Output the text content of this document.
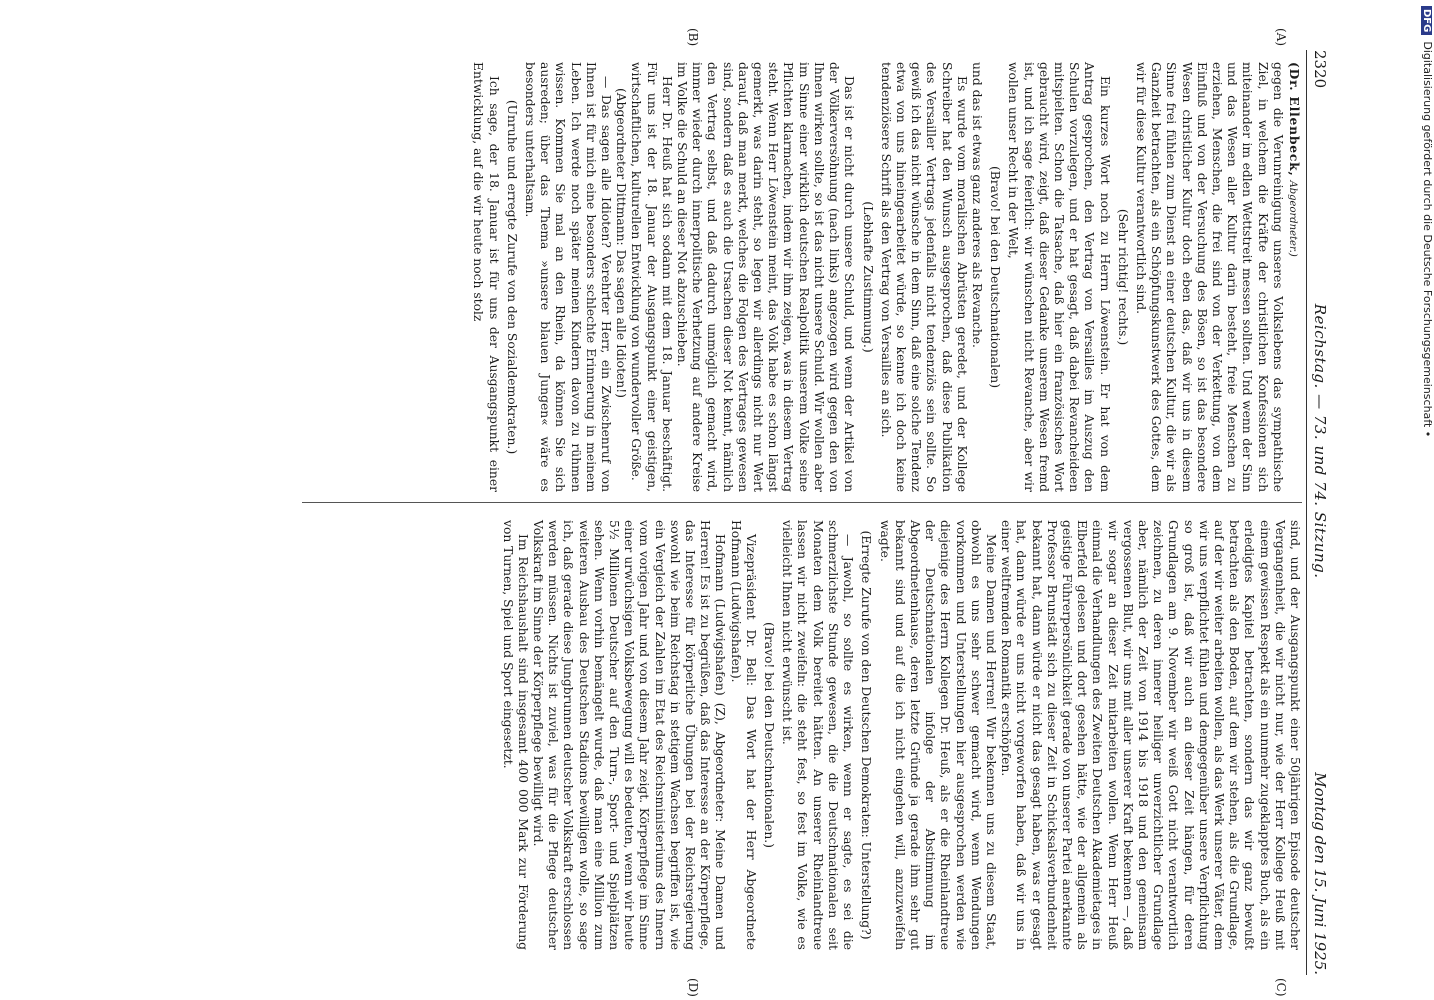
2320
Reichstag. — 73. und 74. Sitzung.
Montag den 15. Juni 1925.
(A)
(B)
(C)
(D)

(Dr. Ellenbeck, Abgeordneter.)

gegen die Verunreinigung unseres Volkslebens das sympathische Ziel, in welchem die Kräfte der christlichen Konfessionen sich miteinander im edlen Wettstreit messen sollten. Und wenn der Sinn und das Wesen aller Kultur darin besteht, freie Menschen zu erziehen, Menschen, die frei sind von der Verkettung, von dem Einfluß und von der Versuchung des Bösen, so ist das besondere Wesen christlicher Kultur doch eben das, daß wir uns in diesem Sinne frei fühlen zum Dienst an einer deutschen Kultur, die wir als Ganzheit betrachten, als ein Schöpfungskunstwerk des Gottes, dem wir für diese Kultur verantwortlich sind.

(Sehr richtig! rechts.)

Ein kurzes Wort noch zu Herrn Löwenstein. Er hat von dem Antrag gesprochen, den Vertrag von Versailles im Auszug den Schulen vorzulegen, und er hat gesagt, daß dabei Revancheideen mitspielten. Schon die Tatsache, daß hier ein französisches Wort gebraucht wird, zeigt, daß dieser Gedanke unserem Wesen fremd ist, und ich sage feierlich: wir wünschen nicht Revanche, aber wir wollen unser Recht in der Welt,

(Bravo! bei den Deutschnationalen)

und das ist etwas ganz anderes als Revanche.

Es wurde vom moralischen Abrüsten geredet, und der Kollege Schreiber hat den Wunsch ausgesprochen, daß diese Publikation des Versailler Vertrags jedenfalls nicht tendenziös sein sollte. So gewiß ich das nicht wünsche in dem Sinn, daß eine solche Tendenz etwa von uns hineingearbeitet würde, so kenne ich doch keine tendenziösere Schrift als den Vertrag von Versailles an sich.

(Lebhafte Zustimmung.)

Das ist er nicht durch unsere Schuld, und wenn der Artikel von der Völkerversöhnung (nach links) angezogen wird gegen den von Ihnen wirken sollte, so ist das nicht unsere Schuld. Wir wollen aber im Sinne einer wirklich deutschen Realpolitik unserem Volke seine Pflichten klarmachen, indem wir ihm zeigen, was in diesem Vertrag steht. Wenn Herr Löwenstein meint, das Volk habe es schon längst gemerkt, was darin steht, so legen wir allerdings nicht nur Wert darauf, daß man merkt, welches die Folgen des Vertrages gewesen sind, sondern daß es auch die Ursachen dieser Not kennt, nämlich den Vertrag selbst, und daß dadurch unmöglich gemacht wird, immer wieder durch innerpolitische Verhetzung auf andere Kreise im Volke die Schuld an dieser Not abzuschieben.

Herr Dr. Heuß hat sich sodann mit dem 18. Januar beschäftigt. Für uns ist der 18. Januar der Ausgangspunkt einer geistigen, wirtschaftlichen, kulturellen Entwicklung von wundervoller Größe.

(Abgeordneter Dittmann: Das sagen alle Idioten!)

— Das sagen alle Idioten? Verehrter Herr, ein Zwischenruf von Ihnen ist für mich eine besonders schlechte Erinnerung in meinem Leben. Ich werde noch später meinen Kindern davon zu rühmen wissen. Kommen Sie mal an den Rhein, da können Sie sich ausreden; über das Thema »unsere blauen Jungen« wäre es besonders unterhaltsam.

(Unruhe und erregte Zurufe von den Sozialdemokraten.)

Ich sage, der 18. Januar ist für uns der Ausgangspunkt einer Entwicklung, auf die wir heute noch stolz

sind, und der Ausgangspunkt einer 50jährigen Episode deutscher Vergangenheit, die wir nicht nur, wie der Herr Kollege Heuß mit einem gewissen Respekt als ein nunmehr zugeklapptes Buch, als ein erledigtes Kapitel betrachten, sondern das wir ganz bewußt betrachten als den Boden, auf dem wir stehen, als die Grundlage, auf der wir weiter arbeiten wollen, als das Werk unserer Väter, dem wir uns verpflichtet fühlen und demgegenüber unsere Verpflichtung so groß ist, daß wir auch an dieser Zeit hängen, für deren Grundlagen am 9. November wir weiß Gott nicht verantwortlich zeichnen, zu deren innerer heiliger unverzichtlicher Grundlage aber, nämlich der Zeit von 1914 bis 1918 und den gemeinsam vergossenen Blut, wir uns mit aller unserer Kraft bekennen —, daß wir sogar an dieser Zeit mitarbeiten wollen. Wenn Herr Heuß einmal die Verhandlungen des Zweiten Deutschen Akademietages in Elberfeld gelesen und dort gesehen hätte, wie der allgemein als geistige Führerpersönlichkeit gerade von unserer Partei anerkannte Professor Brunstädt sich zu dieser Zeit in Schicksalsverbundenheit bekannt hat, dann würde er nicht das gesagt haben, was er gesagt hat, dann würde er uns nicht vorgeworfen haben, daß wir uns in einer weltfremden Romantik erschöpfen.

Meine Damen und Herren! Wir bekennen uns zu diesem Staat, obwohl es uns sehr schwer gemacht wird, wenn Wendungen vorkommen und Unterstellungen hier ausgesprochen werden wie diejenige des Herrn Kollegen Dr. Heuß, als er die Rheinlandtreue der Deutschnationalen infolge der Abstimmung im Abgeordnetenhause, deren letzte Gründe ja gerade ihm sehr gut bekannt sind und auf die ich nicht eingehen will, anzuzweifeln wagte.

(Erregte Zurufe von den Deutschen Demokraten: Unterstellung?)

— Jawohl, so sollte es wirken, wenn er sagte, es sei die schmerzlichste Stunde gewesen, die die Deutschnationalen seit Monaten dem Volk bereitet hätten. An unserer Rheinlandtreue lassen wir nicht zweifeln: die steht fest, so fest im Volke, wie es vielleicht Ihnen nicht erwünscht ist.

(Bravo! bei den Deutschnationalen.)

Vizepräsident Dr. Bell: Das Wort hat der Herr Abgeordnete Hofmann (Ludwigshafen).

Hofmann (Ludwigshafen) (Z), Abgeordneter: Meine Damen und Herren! Es ist zu begrüßen, daß das Interesse an der Körperpflege, das Interesse für körperliche Übungen bei der Reichsregierung sowohl wie beim Reichstag in stetigem Wachsen begriffen ist, wie ein Vergleich der Zahlen im Etat des Reichsministeriums des Innern vom vorigen Jahr und von diesem Jahr zeigt. Körperpflege im Sinne einer urwüchsigen Volksbewegung will es bedeuten, wenn wir heute 5½ Millionen Deutscher auf den Turn-, Sport- und Spielplätzen sehen. Wenn vorhin bemängelt wurde, daß man eine Million zum weiteren Ausbau des Deutschen Stadions bewilligen wolle, so sage ich, daß gerade diese Jungbrunnen deutscher Volkskraft erschlossen werden müssen. Nichts ist zuviel, was für die Pflege deutscher Volkskraft im Sinne der Körperpflege bewilligt wird.

Im Reichshaushalt sind insgesamt 400 000 Mark zur Förderung von Turnen, Spiel und Sport eingesetzt.

DFGDigitalisierung gefördert durch die Deutsche Forschungsgemeinschaft •
